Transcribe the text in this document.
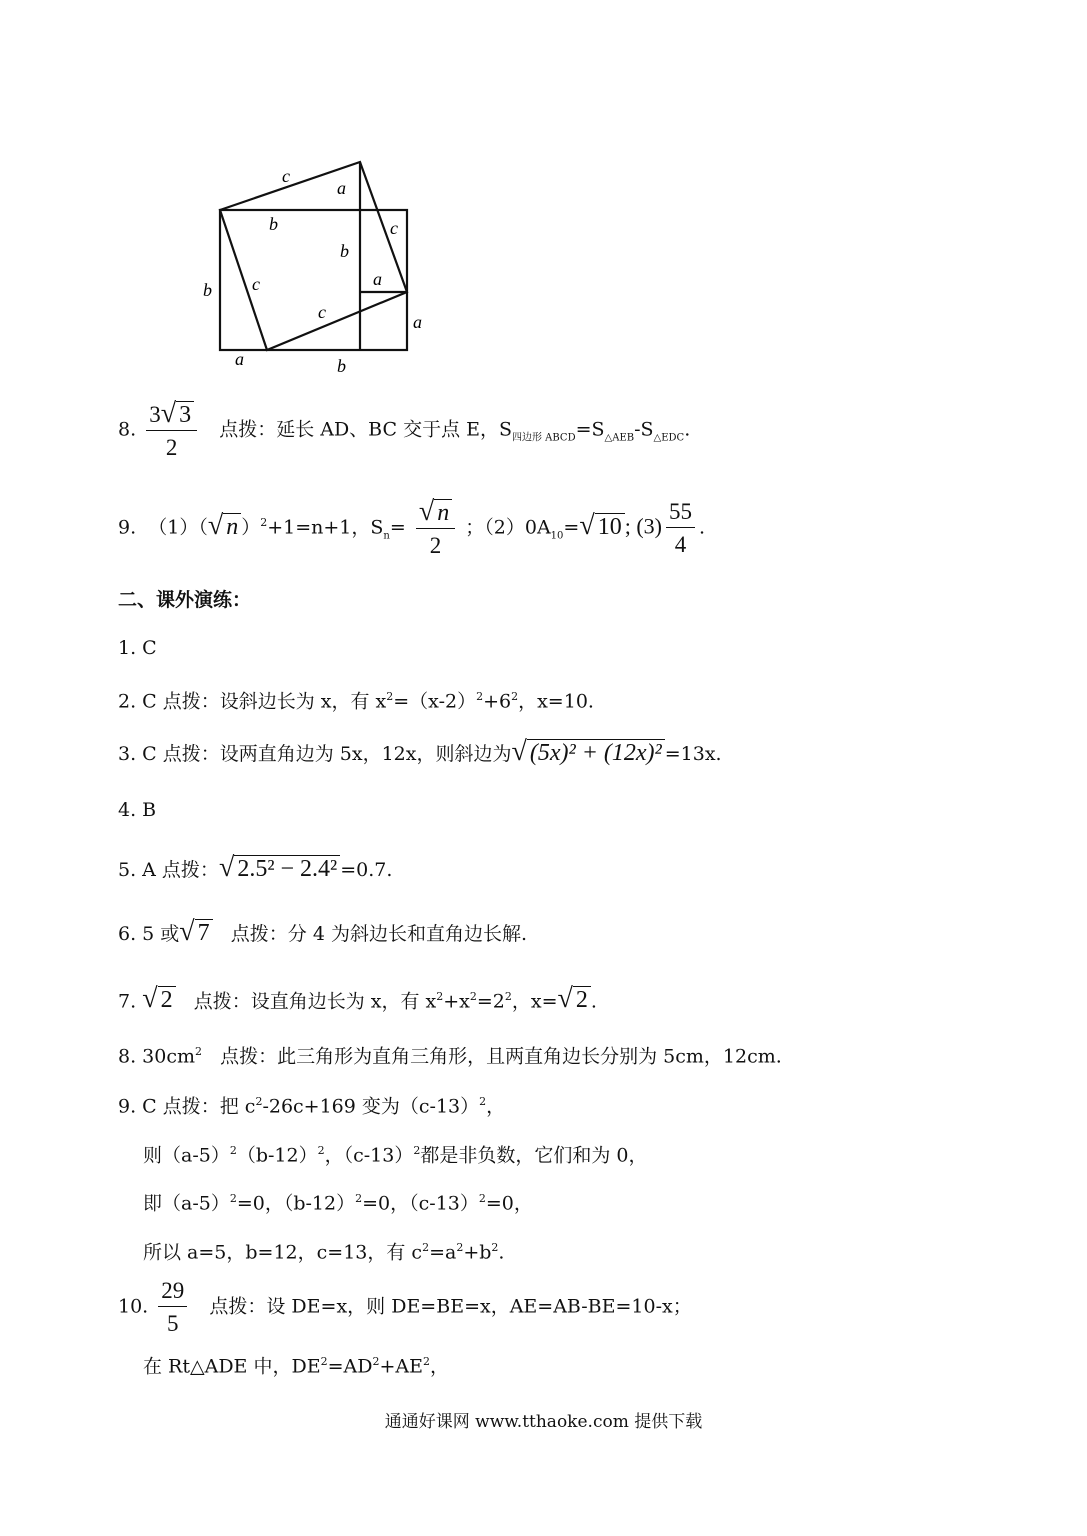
c
a
b
b
c
b c	a
c	a
a	b
8. $\frac{3 √ 3}{2}$ 点拨：延长 AD、BC 交于点 E，$S_{四边形 ABCD}=S_{\triangle AEB}-S_{\triangle EDC}$.
9. （1）（ √ n ）$^2$+1=n+1，$S_n= \frac{√ n}{2}$ ；$(2)0A_{10}=$ √ 10 ; $(3) \frac{55}{4}$ .
二、课外演练：
1. C
2. C 点拨：设斜边长为 x，有 $x^2=(x-2)^2+6^2$，x=10.
3. C 点拨：设两直角边为 5x，12x，则斜边为 √ (5x)² + (12x)² =13x.
4. B
5. A 点拨： √ 2.5² − 2.4² =0.7.
6. 5 或 √ 7 点拨：分 4 为斜边长和直角边长解.
7. √ 2 点拨：设直角边长为 x，有 $x^2+x^2=2^2$，x= √ 2 .
8. $30cm^2$ 点拨：此三角形为直角三角形，且两直角边长分别为 5cm，12cm.
9. C 点拨：把 $c^2-26c+169$ 变为$(c-13)^2$，
则$(a-5)^2(b-12)^2$，$(c-13)^2$都是非负数，它们和为 0，
即$(a-5)^2=0$，$(b-12)^2=0$，$(c-13)^2=0$，
所以 a=5，b=12，c=13，有 $c^2=a^2+b^2$.
10. $\frac{29}{5}$ 点拨：设 DE=x，则 DE=BE=x，AE=AB-BE=10-x；
在 Rt△ADE 中，$DE^2=AD^2+AE^2$，
通通好课网 www.tthaoke.com 提供下载
